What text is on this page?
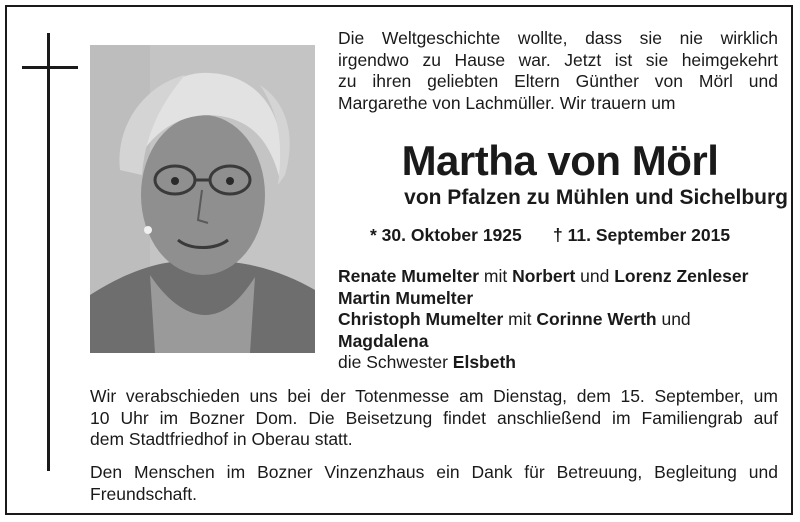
Die Weltgeschichte wollte, dass sie nie wirklich
irgendwo zu Hause war. Jetzt ist sie heimgekehrt
zu ihren geliebten Eltern Günther von Mörl und
Margarethe von Lachmüller. Wir trauern um
Martha von Mörl
von Pfalzen zu Mühlen und Sichelburg
* 30. Oktober 1925 † 11. September 2015
Renate Mumelter mit Norbert und Lorenz Zenleser
Martin Mumelter
Christoph Mumelter mit Corinne Werth und
Magdalena
die Schwester Elsbeth
Wir verabschieden uns bei der Totenmesse am Dienstag, dem 15. September, um
10 Uhr im Bozner Dom. Die Beisetzung findet anschließend im Familiengrab auf
dem Stadtfriedhof in Oberau statt.
Den Menschen im Bozner Vinzenzhaus ein Dank für Betreuung, Begleitung und
Freundschaft.
